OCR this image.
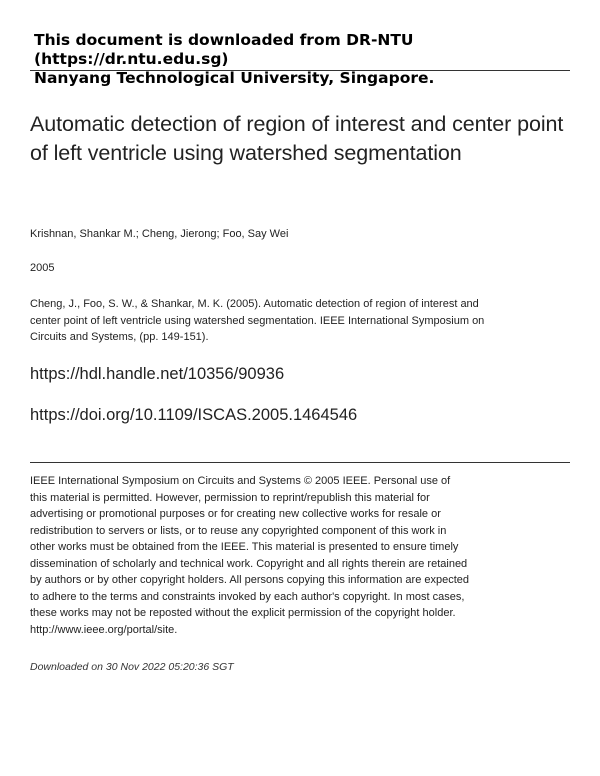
This document is downloaded from DR-NTU (https://dr.ntu.edu.sg)
Nanyang Technological University, Singapore.
Automatic detection of region of interest and center point of left ventricle using watershed segmentation
Krishnan, Shankar M.; Cheng, Jierong; Foo, Say Wei
2005
Cheng, J., Foo, S. W., & Shankar, M. K. (2005). Automatic detection of region of interest and center point of left ventricle using watershed segmentation. IEEE International Symposium on Circuits and Systems, (pp. 149-151).
https://hdl.handle.net/10356/90936
https://doi.org/10.1109/ISCAS.2005.1464546
IEEE International Symposium on Circuits and Systems © 2005 IEEE. Personal use of this material is permitted. However, permission to reprint/republish this material for advertising or promotional purposes or for creating new collective works for resale or redistribution to servers or lists, or to reuse any copyrighted component of this work in other works must be obtained from the IEEE. This material is presented to ensure timely dissemination of scholarly and technical work. Copyright and all rights therein are retained by authors or by other copyright holders. All persons copying this information are expected to adhere to the terms and constraints invoked by each author's copyright. In most cases, these works may not be reposted without the explicit permission of the copyright holder. http://www.ieee.org/portal/site.
Downloaded on 30 Nov 2022 05:20:36 SGT
